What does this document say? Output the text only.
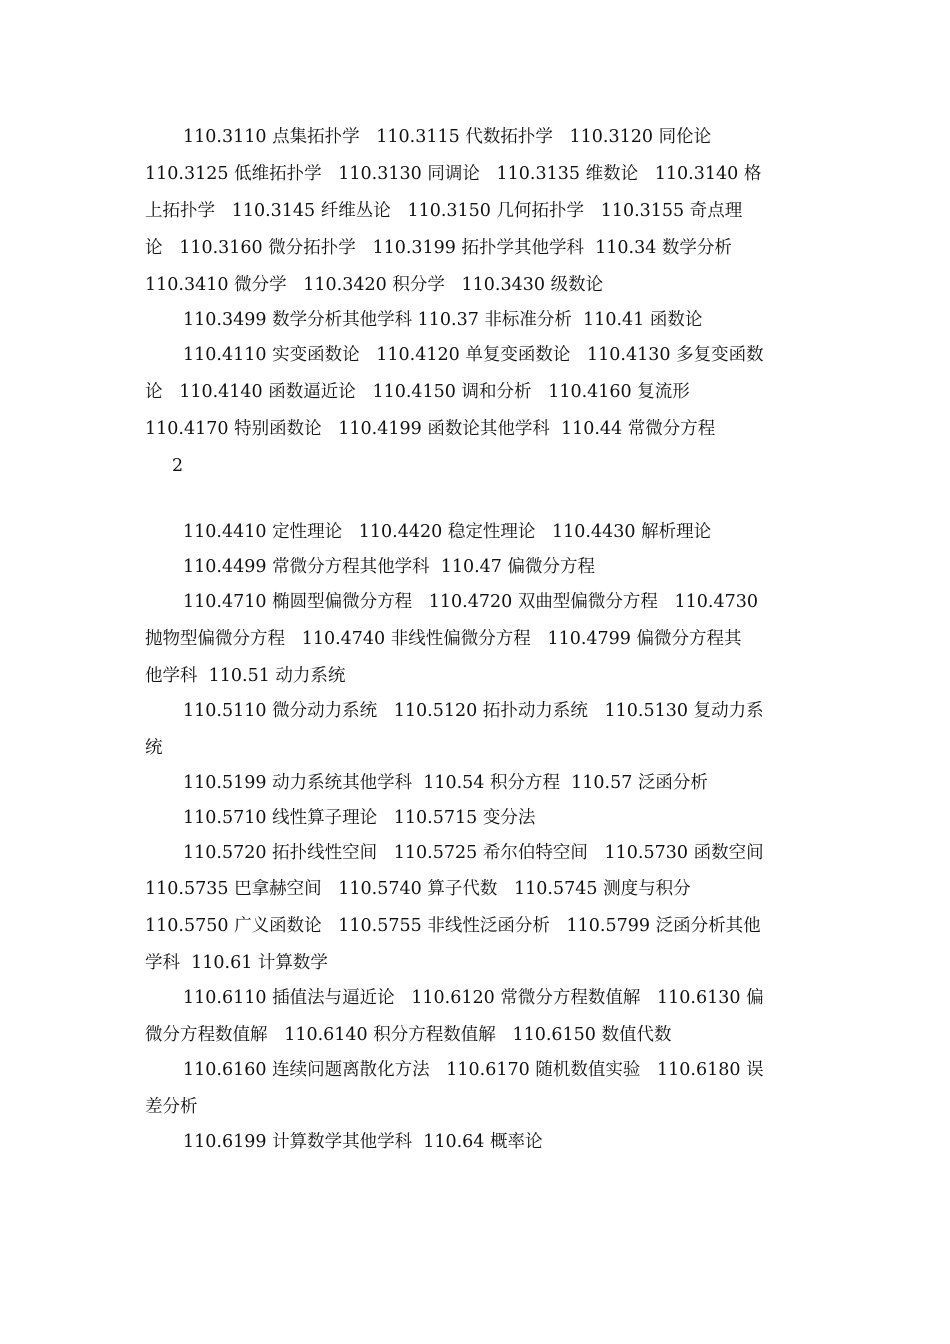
110.3110 点集拓扑学   110.3115 代数拓扑学   110.3120 同伦论
110.3125 低维拓扑学   110.3130 同调论   110.3135 维数论   110.3140 格
上拓扑学   110.3145 纤维丛论   110.3150 几何拓扑学   110.3155 奇点理
论   110.3160 微分拓扑学   110.3199 拓扑学其他学科  110.34 数学分析
110.3410 微分学   110.3420 积分学   110.3430 级数论
110.3499 数学分析其他学科 110.37 非标准分析  110.41 函数论
110.4110 实变函数论   110.4120 单复变函数论   110.4130 多复变函数
论   110.4140 函数逼近论   110.4150 调和分析   110.4160 复流形
110.4170 特别函数论   110.4199 函数论其他学科  110.44 常微分方程
2
110.4410 定性理论   110.4420 稳定性理论   110.4430 解析理论
110.4499 常微分方程其他学科  110.47 偏微分方程
110.4710 椭圆型偏微分方程   110.4720 双曲型偏微分方程   110.4730
抛物型偏微分方程   110.4740 非线性偏微分方程   110.4799 偏微分方程其
他学科  110.51 动力系统
110.5110 微分动力系统   110.5120 拓扑动力系统   110.5130 复动力系
统
110.5199 动力系统其他学科  110.54 积分方程  110.57 泛函分析
110.5710 线性算子理论   110.5715 变分法
110.5720 拓扑线性空间   110.5725 希尔伯特空间   110.5730 函数空间
110.5735 巴拿赫空间   110.5740 算子代数   110.5745 测度与积分
110.5750 广义函数论   110.5755 非线性泛函分析   110.5799 泛函分析其他
学科  110.61 计算数学
110.6110 插值法与逼近论   110.6120 常微分方程数值解   110.6130 偏
微分方程数值解   110.6140 积分方程数值解   110.6150 数值代数
110.6160 连续问题离散化方法   110.6170 随机数值实验   110.6180 误
差分析
110.6199 计算数学其他学科  110.64 概率论
